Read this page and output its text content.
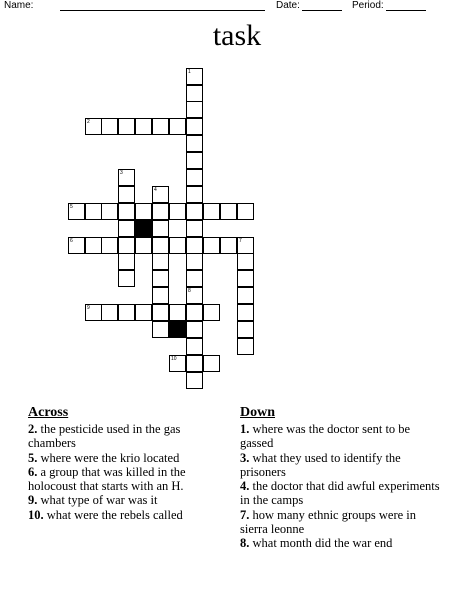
Name:	Date:	Period:
task
1
2
3
4
5
6	7
8
9
10
Across
2. the pesticide used in the gas chambers
5. where were the krio located
6. a group that was killed in the holocoust that starts with an H.
9. what type of war was it
10. what were the rebels called
Down
1. where was the doctor sent to be gassed
3. what they used to identify the prisoners
4. the doctor that did awful experiments in the camps
7. how many ethnic groups were in sierra leonne
8. what month did the war end
